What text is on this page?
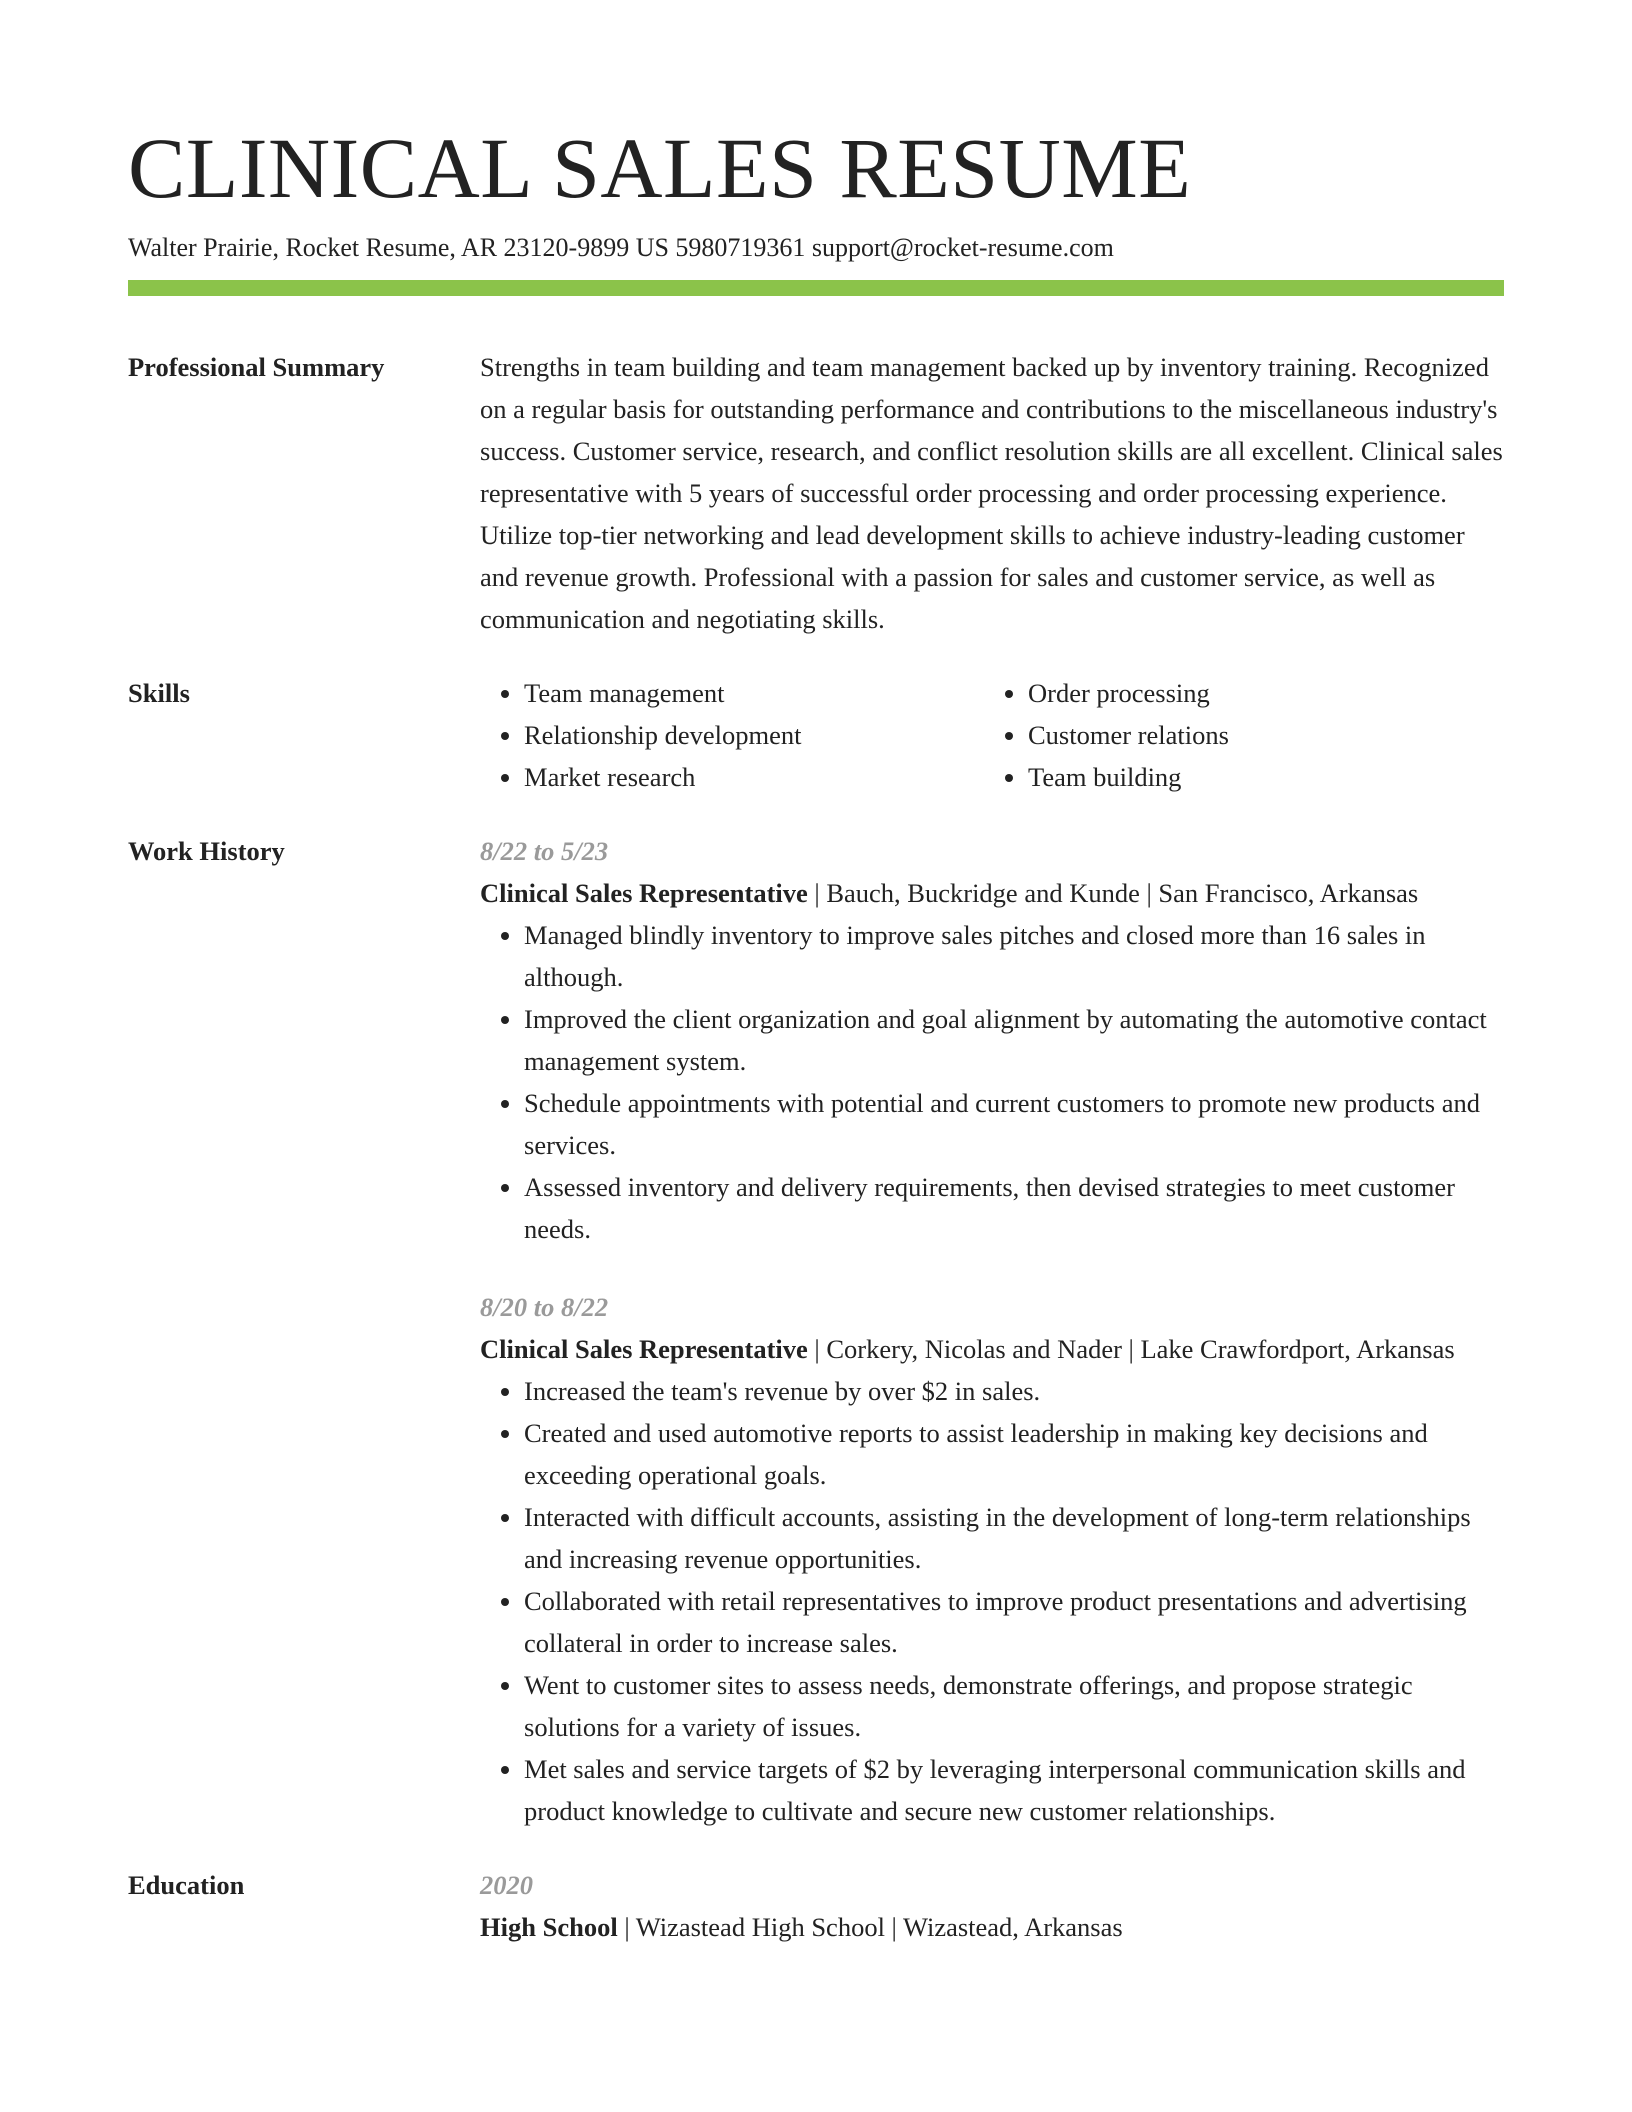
CLINICAL SALES RESUME
Walter Prairie, Rocket Resume, AR 23120-9899 US 5980719361 support@rocket-resume.com
Professional Summary	Strengths in team building and team management backed up by inventory training. Recognized on a regular basis for outstanding performance and contributions to the miscellaneous industry's success. Customer service, research, and conflict resolution skills are all excellent. Clinical sales representative with 5 years of successful order processing and order processing experience. Utilize top-tier networking and lead development skills to achieve industry-leading customer and revenue growth. Professional with a passion for sales and customer service, as well as communication and negotiating skills.
Skills
•	Team management
• Relationship development
• Market research
• Order processing
• Customer relations
• Team building
Work History	8/22 to 5/23
Clinical Sales Representative | Bauch, Buckridge and Kunde | San Francisco, Arkansas
• Managed blindly inventory to improve sales pitches and closed more than 16 sales in although.
• Improved the client organization and goal alignment by automating the automotive contact management system.
• Schedule appointments with potential and current customers to promote new products and services.
• Assessed inventory and delivery requirements, then devised strategies to meet customer needs.
8/20 to 8/22
Clinical Sales Representative | Corkery, Nicolas and Nader | Lake Crawfordport, Arkansas
• Increased the team's revenue by over $2 in sales.
• Created and used automotive reports to assist leadership in making key decisions and exceeding operational goals.
• Interacted with difficult accounts, assisting in the development of long-term relationships and increasing revenue opportunities.
• Collaborated with retail representatives to improve product presentations and advertising collateral in order to increase sales.
• Went to customer sites to assess needs, demonstrate offerings, and propose strategic solutions for a variety of issues.
• Met sales and service targets of $2 by leveraging interpersonal communication skills and product knowledge to cultivate and secure new customer relationships.
Education	2020
High School | Wizastead High School | Wizastead, Arkansas
